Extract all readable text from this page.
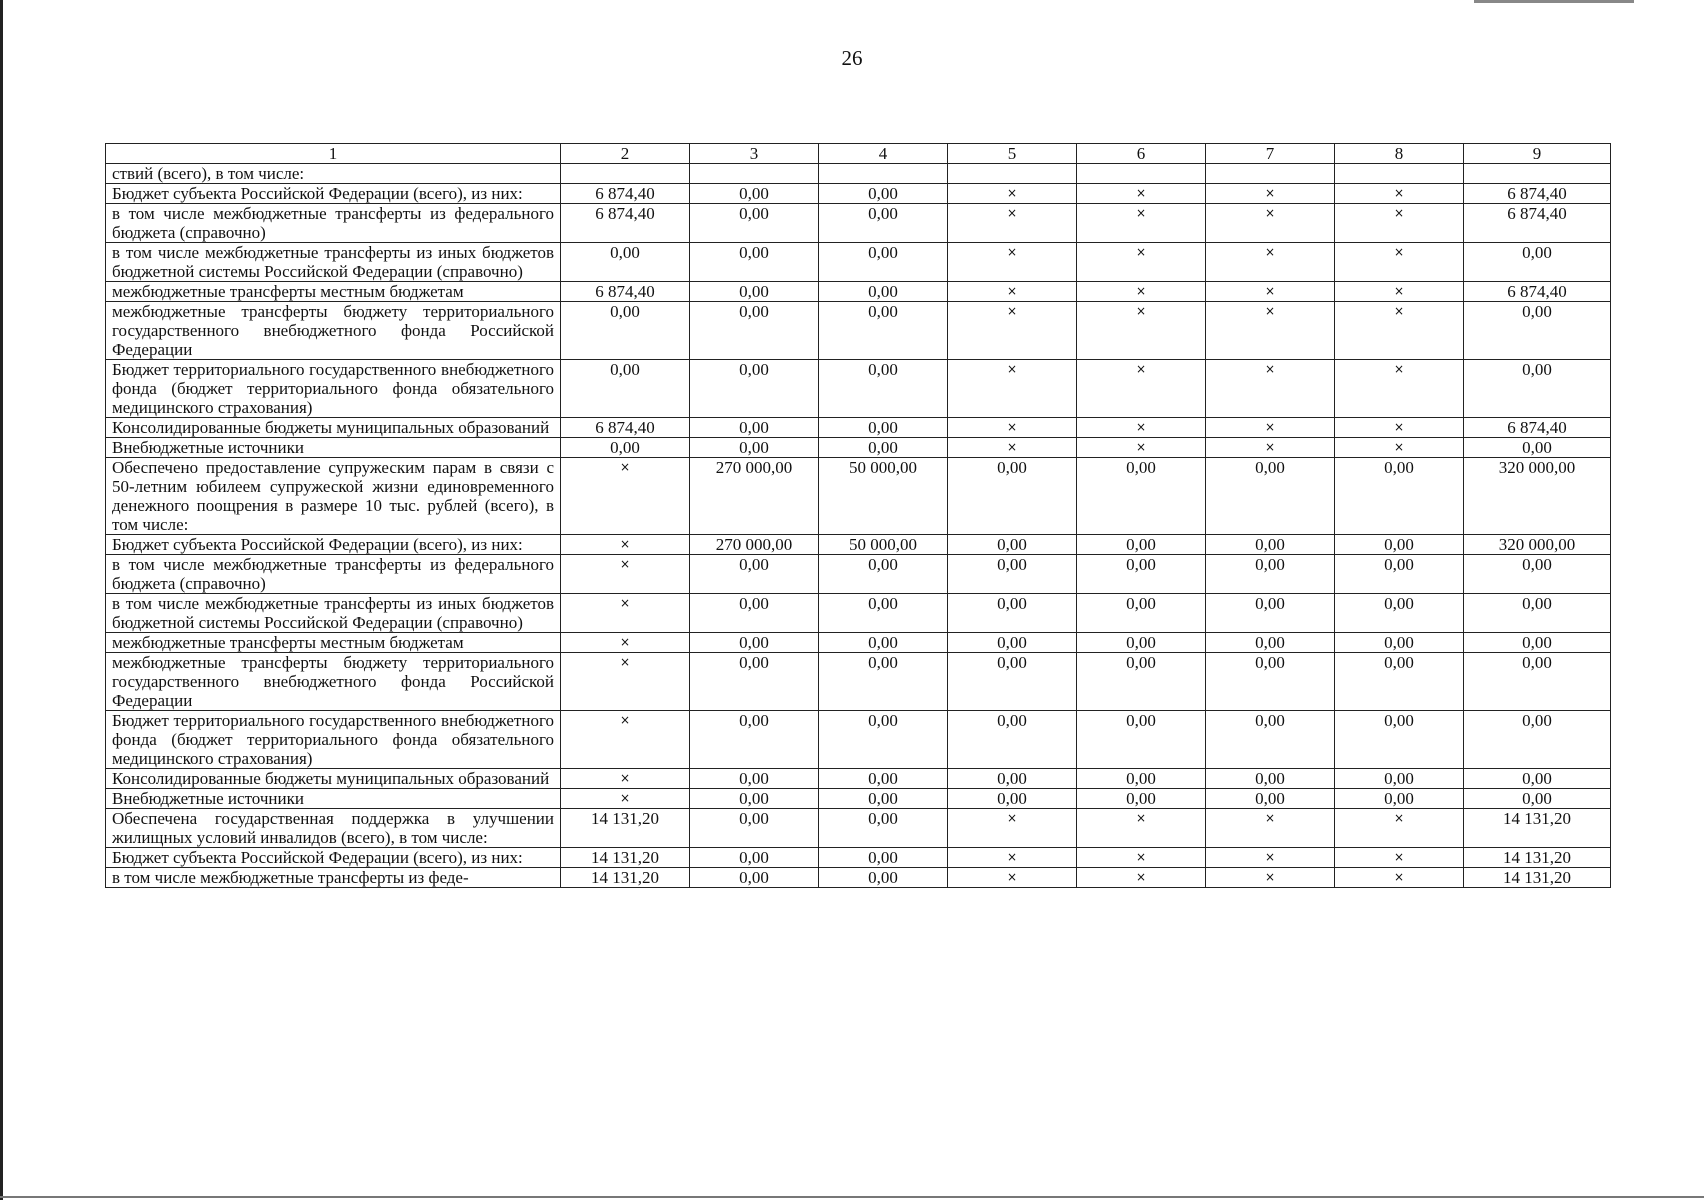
26
1	2	3	4	5	6	7	8	9
ствий (всего), в том числе:								
Бюджет субъекта Российской Федерации (всего), из них:	6 874,40	0,00	0,00	×	×	×	×	6 874,40
в том числе межбюджетные трансферты из федерального бюджета (справочно)	6 874,40	0,00	0,00	×	×	×	×	6 874,40
в том числе межбюджетные трансферты из иных бюджетов бюджетной системы Российской Федерации (справочно)	0,00	0,00	0,00	×	×	×	×	0,00
межбюджетные трансферты местным бюджетам	6 874,40	0,00	0,00	×	×	×	×	6 874,40
межбюджетные трансферты бюджету территориального государственного внебюджетного фонда Российской Федерации	0,00	0,00	0,00	×	×	×	×	0,00
Бюджет территориального государственного внебюджетного фонда (бюджет территориального фонда обязательного медицинского страхования)	0,00	0,00	0,00	×	×	×	×	0,00
Консолидированные бюджеты муниципальных образований	6 874,40	0,00	0,00	×	×	×	×	6 874,40
Внебюджетные источники	0,00	0,00	0,00	×	×	×	×	0,00
Обеспечено предоставление супружеским парам в связи с 50-летним юбилеем супружеской жизни единовременного денежного поощрения в размере 10 тыс. рублей (всего), в том числе:	×	270 000,00	50 000,00	0,00	0,00	0,00	0,00	320 000,00
Бюджет субъекта Российской Федерации (всего), из них:	×	270 000,00	50 000,00	0,00	0,00	0,00	0,00	320 000,00
в том числе межбюджетные трансферты из федерального бюджета (справочно)	×	0,00	0,00	0,00	0,00	0,00	0,00	0,00
в том числе межбюджетные трансферты из иных бюджетов бюджетной системы Российской Федерации (справочно)	×	0,00	0,00	0,00	0,00	0,00	0,00	0,00
межбюджетные трансферты местным бюджетам	×	0,00	0,00	0,00	0,00	0,00	0,00	0,00
межбюджетные трансферты бюджету территориального государственного внебюджетного фонда Российской Федерации	×	0,00	0,00	0,00	0,00	0,00	0,00	0,00
Бюджет территориального государственного внебюджетного фонда (бюджет территориального фонда обязательного медицинского страхования)	×	0,00	0,00	0,00	0,00	0,00	0,00	0,00
Консолидированные бюджеты муниципальных образований	×	0,00	0,00	0,00	0,00	0,00	0,00	0,00
Внебюджетные источники	×	0,00	0,00	0,00	0,00	0,00	0,00	0,00
Обеспечена государственная поддержка в улучшении жилищных условий инвалидов (всего), в том числе:	14 131,20	0,00	0,00	×	×	×	×	14 131,20
Бюджет субъекта Российской Федерации (всего), из них:	14 131,20	0,00	0,00	×	×	×	×	14 131,20
в том числе межбюджетные трансферты из феде-	14 131,20	0,00	0,00	×	×	×	×	14 131,20
